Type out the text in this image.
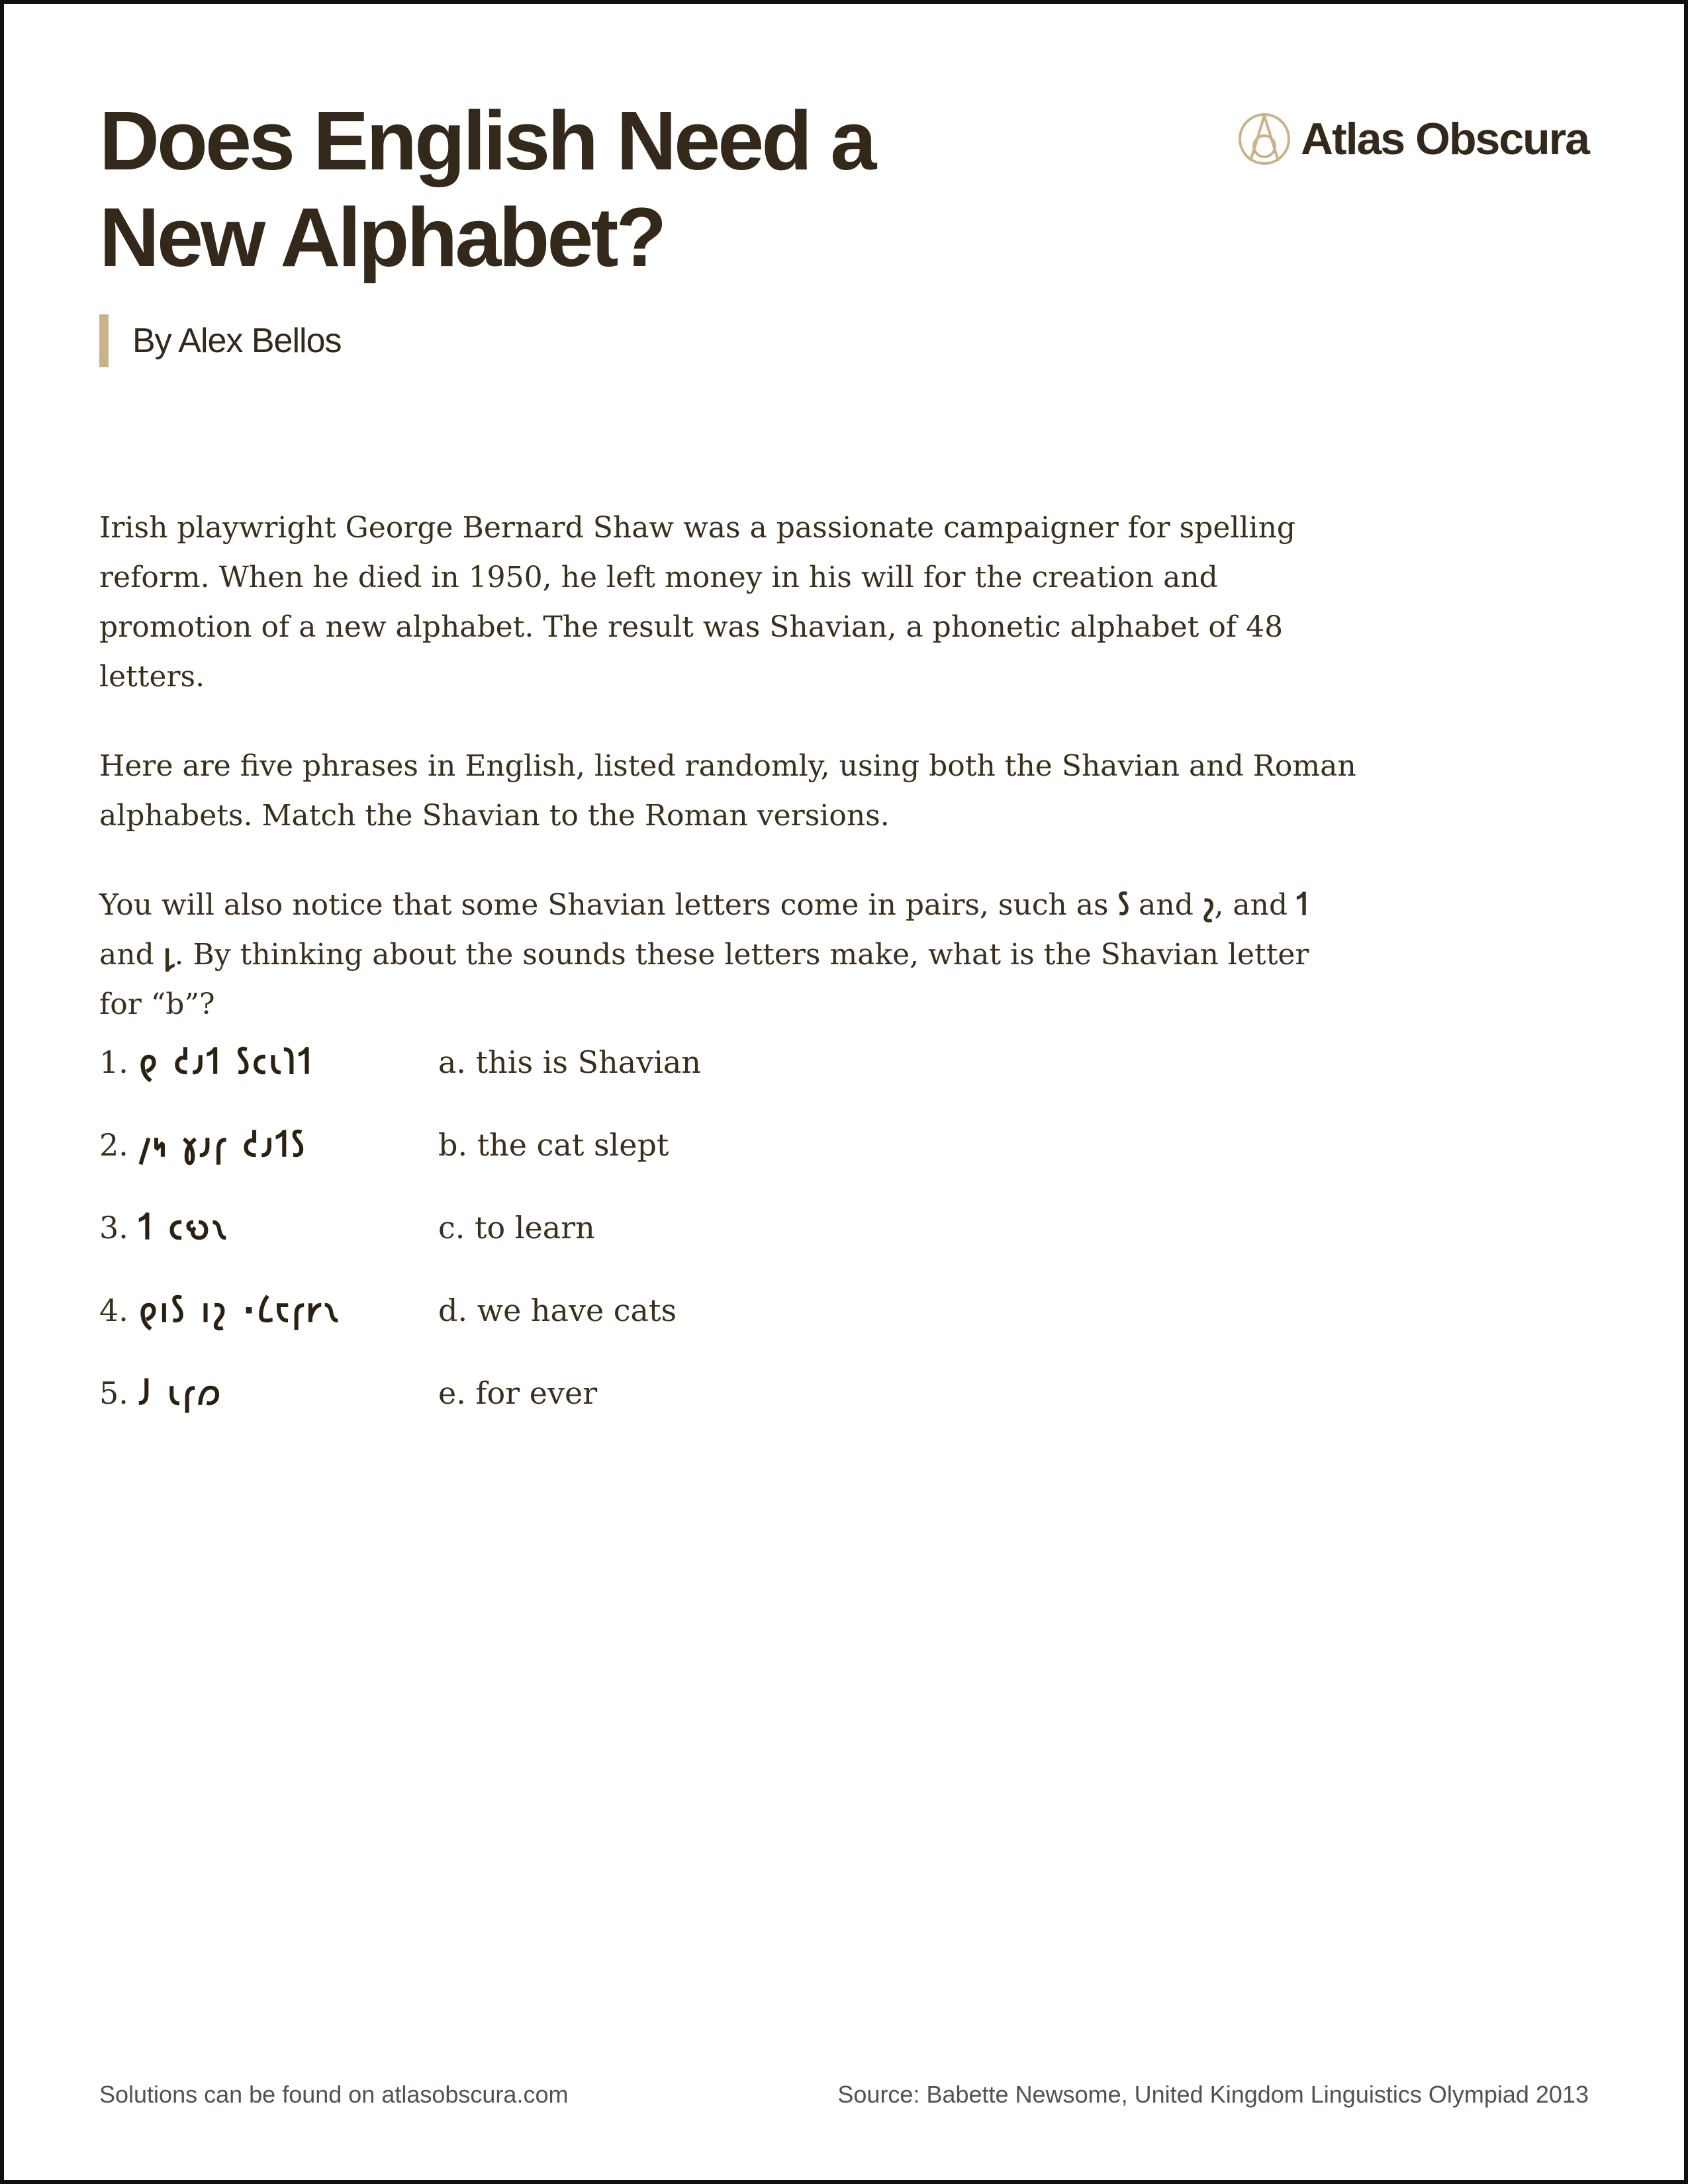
Does English Need a
New Alphabet?
Atlas Obscura
By Alex Bellos

Irish playwright George Bernard Shaw was a passionate campaigner for spelling reform. When he died in 1950, he left money in his will for the creation and promotion of a new alphabet. The result was Shavian, a phonetic alphabet of 48 letters.

Here are five phrases in English, listed randomly, using both the Shavian and Roman alphabets. Match the Shavian to the Roman versions.

You will also notice that some Shavian letters come in pairs, such as 𐑕 and 𐑟, and 𐑑 and 𐑛. By thinking about the sounds these letters make, what is the Shavian letter for “b”?

1. 𐑞 𐑒𐑨𐑑 𐑕𐑤𐑧𐑐𐑑	a. this is Shavian
2. 𐑢𐑰 𐑣𐑨𐑝 𐑒𐑨𐑑𐑕	b. the cat slept
3. 𐑑 𐑤𐑻𐑯	c. to learn
4. 𐑞𐑦𐑕 𐑦𐑟 ·𐑖𐑱𐑝𐑾𐑯	d. we have cats
5. 𐑓 𐑧𐑝𐑼	e. for ever
Solutions can be found on atlasobscura.com	Source: Babette Newsome, United Kingdom Linguistics Olympiad 2013
